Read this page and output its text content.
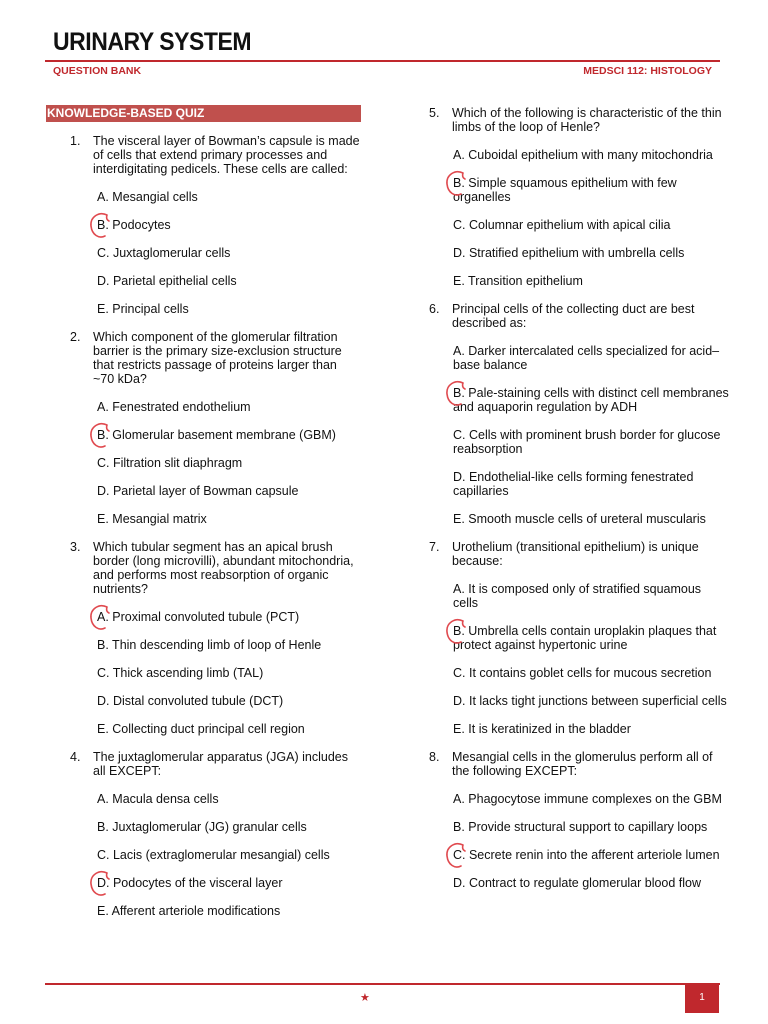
URINARY SYSTEM
QUESTION BANK	MEDSCI 112: HISTOLOGY
KNOWLEDGE-BASED QUIZ
1. The visceral layer of Bowman’s capsule is made of cells that extend primary processes and interdigitating pedicels. These cells are called:
A. Mesangial cells
B. Podocytes
C. Juxtaglomerular cells
D. Parietal epithelial cells
E. Principal cells
2. Which component of the glomerular filtration barrier is the primary size-exclusion structure that restricts passage of proteins larger than ~70 kDa?
A. Fenestrated endothelium
B. Glomerular basement membrane (GBM)
C. Filtration slit diaphragm
D. Parietal layer of Bowman capsule
E. Mesangial matrix
3. Which tubular segment has an apical brush border (long microvilli), abundant mitochondria, and performs most reabsorption of organic nutrients?
A. Proximal convoluted tubule (PCT)
B. Thin descending limb of loop of Henle
C. Thick ascending limb (TAL)
D. Distal convoluted tubule (DCT)
E. Collecting duct principal cell region
4. The juxtaglomerular apparatus (JGA) includes all EXCEPT:
A. Macula densa cells
B. Juxtaglomerular (JG) granular cells
C. Lacis (extraglomerular mesangial) cells
D. Podocytes of the visceral layer
E. Afferent arteriole modifications
5. Which of the following is characteristic of the thin limbs of the loop of Henle?
A. Cuboidal epithelium with many mitochondria
B. Simple squamous epithelium with few organelles
C. Columnar epithelium with apical cilia
D. Stratified epithelium with umbrella cells
E. Transition epithelium
6. Principal cells of the collecting duct are best described as:
A. Darker intercalated cells specialized for acid–base balance
B. Pale-staining cells with distinct cell membranes and aquaporin regulation by ADH
C. Cells with prominent brush border for glucose reabsorption
D. Endothelial-like cells forming fenestrated capillaries
E. Smooth muscle cells of ureteral muscularis
7. Urothelium (transitional epithelium) is unique because:
A. It is composed only of stratified squamous cells
B. Umbrella cells contain uroplakin plaques that protect against hypertonic urine
C. It contains goblet cells for mucous secretion
D. It lacks tight junctions between superficial cells
E. It is keratinized in the bladder
8. Mesangial cells in the glomerulus perform all of the following EXCEPT:
A. Phagocytose immune complexes on the GBM
B. Provide structural support to capillary loops
C. Secrete renin into the afferent arteriole lumen
D. Contract to regulate glomerular blood flow
★	1
